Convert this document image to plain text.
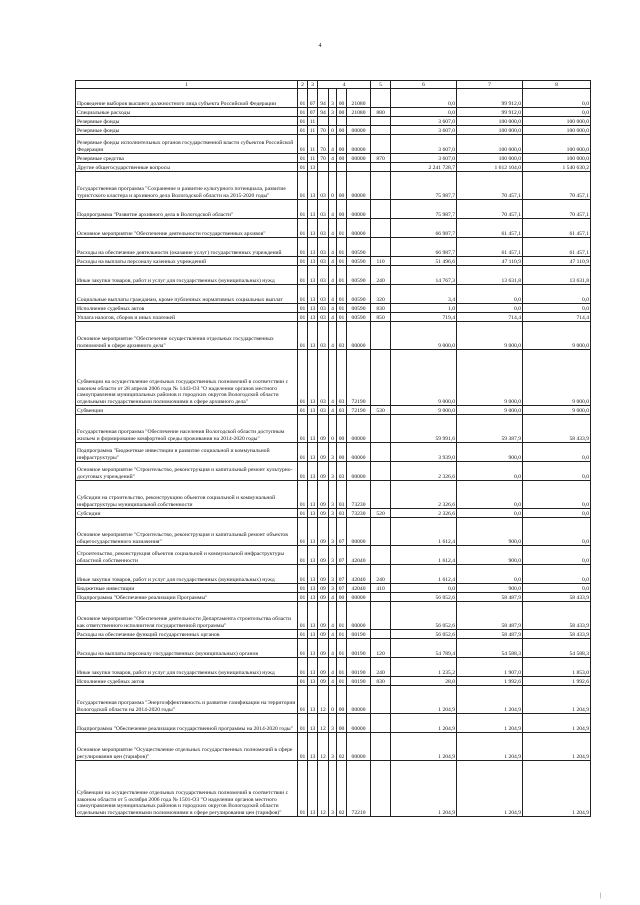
4
1	2	3	4				5	6	7	8
Проведение выборов высшего должностного лица субъекта Российской Федерации	01	07	94	3	00	21080		0,0	99 912,0	0,0
Специальные расходы	01	07	94	3	00	21080	880	0,0	99 912,0	0,0
Резервные фонды	01	11						3 607,0	100 000,0	100 000,0
Резервные фонды	01	11	70	0	00	00000		3 607,0	100 000,0	100 000,0
Резервные фонды исполнительных органов государственной власти субъектов Российской Федерации	01	11	70	4	00	00000		3 607,0	100 000,0	100 000,0
Резервные средства	01	11	70	4	00	00000	870	3 607,0	100 000,0	100 000,0
Другие общегосударственные вопросы	01	13						2 241 728,7	1 612 104,0	1 540 630,2
Государственная программа "Сохранение и развитие культурного потенциала, развитие туристского кластера и архивного дела Вологодской области на 2015-2020 годы"	01	13	03	0	00	00000		75 987,7	70 457,1	70 457,1
Подпрограмма "Развитие архивного дела в Вологодской области"	01	13	03	4	00	00000		75 987,7	70 457,1	70 457,1
Основное мероприятие "Обеспечение деятельности государственных архивов"	01	13	03	4	01	00000		66 987,7	61 457,1	61 457,1
Расходы на обеспечение деятельности (оказание услуг) государственных учреждений	01	13	03	4	01	00590		66 987,7	61 457,1	61 457,1
Расходы на выплаты персоналу казенных учреждений	01	13	03	4	01	00590	110	51 496,6	47 110,9	47 110,9
Иные закупки товаров, работ и услуг для государственных (муниципальных) нужд	01	13	03	4	01	00590	240	14 767,3	13 631,8	13 631,8
Социальные выплаты гражданам, кроме публичных нормативных социальных выплат	01	13	03	4	01	00590	320	3,4	0,0	0,0
Исполнение судебных актов	01	13	03	4	01	00590	830	1,0	0,0	0,0
Уплата налогов, сборов и иных платежей	01	13	03	4	01	00590	850	719,4	714,4	714,4
Основное мероприятие "Обеспечение осуществления отдельных государственных полномочий в сфере архивного дела"	01	13	03	4	03	00000		9 000,0	9 000,0	9 000,0
Субвенции на осуществление отдельных государственных полномочий в соответствии с законом области от 28 апреля 2006 года № 1443-ОЗ "О наделении органов местного самоуправления муниципальных районов и городских округов Вологодской области отдельными государственными полномочиями в сфере архивного дела"	01	13	03	4	03	72190		9 000,0	9 000,0	9 000,0
Субвенции	01	13	03	4	03	72190	530	9 000,0	9 000,0	9 000,0
Государственная программа "Обеспечение населения Вологодской области доступным жильем и формирование комфортной среды проживания на 2014-2020 годы"	01	13	09	0	00	00000		59 991,6	59 387,9	58 433,9
Подпрограмма "Бюджетные инвестиции в развитие социальной и коммунальной инфраструктуры"	01	13	09	3	00	00000		3 939,0	900,0	0,0
Основное мероприятие "Строительство, реконструкция и капитальный ремонт культурно-досуговых учреждений"	01	13	09	3	03	00000		2 326,6	0,0	0,0
Субсидии на строительство, реконструкцию объектов социальной и коммунальной инфраструктуры муниципальной собственности	01	13	09	3	03	73230		2 326,6	0,0	0,0
Субсидии	01	13	09	3	03	73230	520	2 326,6	0,0	0,0
Основное мероприятие "Строительство, реконструкция и капитальный ремонт объектов общегосударственного назначения"	01	13	09	3	07	00000		1 612,4	900,0	0,0
Строительство, реконструкция объектов социальной и коммунальной инфраструктуры областной собственности	01	13	09	3	07	42040		1 612,4	900,0	0,0
Иные закупки товаров, работ и услуг для государственных (муниципальных) нужд	01	13	09	3	07	42040	240	1 612,4	0,0	0,0
Бюджетные инвестиции	01	13	09	3	07	42040	410	0,0	900,0	0,0
Подпрограмма "Обеспечение реализации Программы"	01	13	09	4	00	00000		56 052,6	58 487,9	58 433,9
Основное мероприятие "Обеспечение деятельности Департамента строительства области как ответственного исполнителя государственной программы"	01	13	09	4	01	00000		56 052,6	58 487,9	58 433,9
Расходы на обеспечение функций государственных органов	01	13	09	4	01	00190		56 052,6	58 487,9	58 433,9
Расходы на выплаты персоналу государственных (муниципальных) органов	01	13	09	4	01	00190	120	54 789,4	54 588,3	54 588,3
Иные закупки товаров, работ и услуг для государственных (муниципальных) нужд	01	13	09	4	01	00190	240	1 235,2	1 907,0	1 853,0
Исполнение судебных актов	01	13	09	4	01	00190	830	28,0	1 992,6	1 992,6
Государственная программа "Энергоэффективность и развитие газификации на территории Вологодской области на 2014-2020 годы"	01	13	12	0	00	00000		1 204,9	1 204,9	1 204,9
Подпрограмма "Обеспечение реализации государственной программы на 2014-2020 годы"	01	13	12	3	00	00000		1 204,9	1 204,9	1 204,9
Основное мероприятие "Осуществление отдельных государственных полномочий в сфере регулирования цен (тарифов)"	01	13	12	3	02	00000		1 204,9	1 204,9	1 204,9
Субвенции на осуществление отдельных государственных полномочий в соответствии с законом области от 5 октября 2006 года № 1501-ОЗ "О наделении органов местного самоуправления муниципальных районов и городских округов Вологодской области отдельными государственными полномочиями в сфере регулирования цен (тарифов)"	01	13	12	3	02	72210		1 204,9	1 204,9	1 204,9
|
